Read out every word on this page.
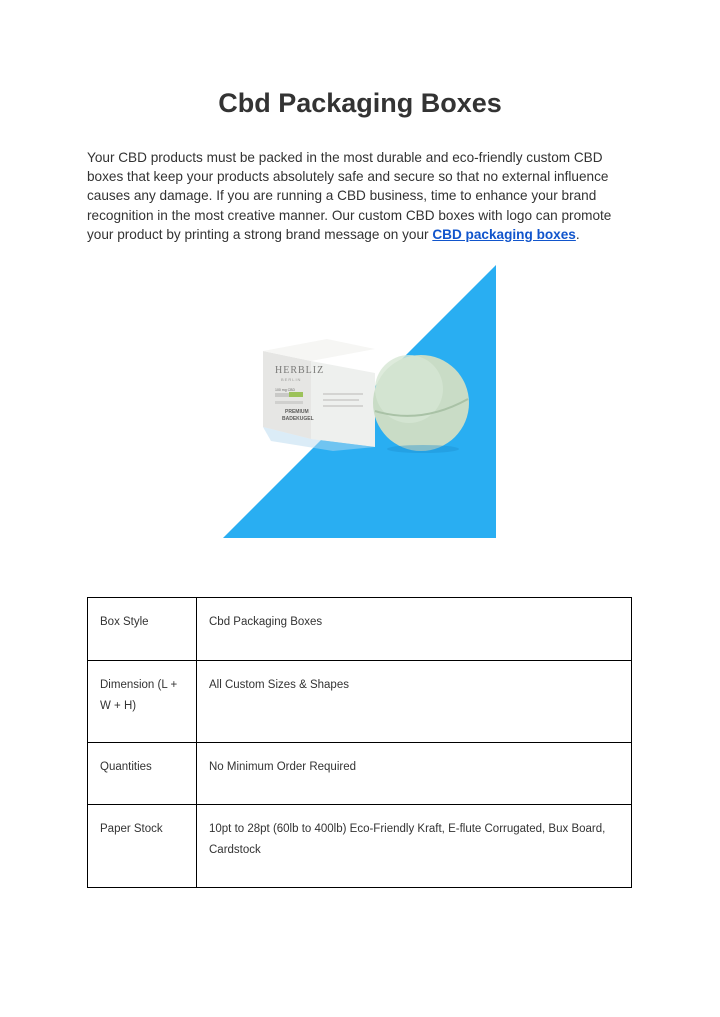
Cbd Packaging Boxes

Your CBD products must be packed in the most durable and eco-friendly custom CBD boxes that keep your products absolutely safe and secure so that no external influence causes any damage. If you are running a CBD business, time to enhance your brand recognition in the most creative manner. Our custom CBD boxes with logo can promote your product by printing a strong brand message on your CBD packaging boxes.

HERBLIZ
BERLIN
100 mg CBD
PREMIUM
BADEKUGEL
Box Style	Cbd Packaging Boxes
Dimension (L + W + H)	All Custom Sizes & Shapes
Quantities	No Minimum Order Required
Paper Stock	10pt to 28pt (60lb to 400lb) Eco-Friendly Kraft, E-flute Corrugated, Bux Board, Cardstock
